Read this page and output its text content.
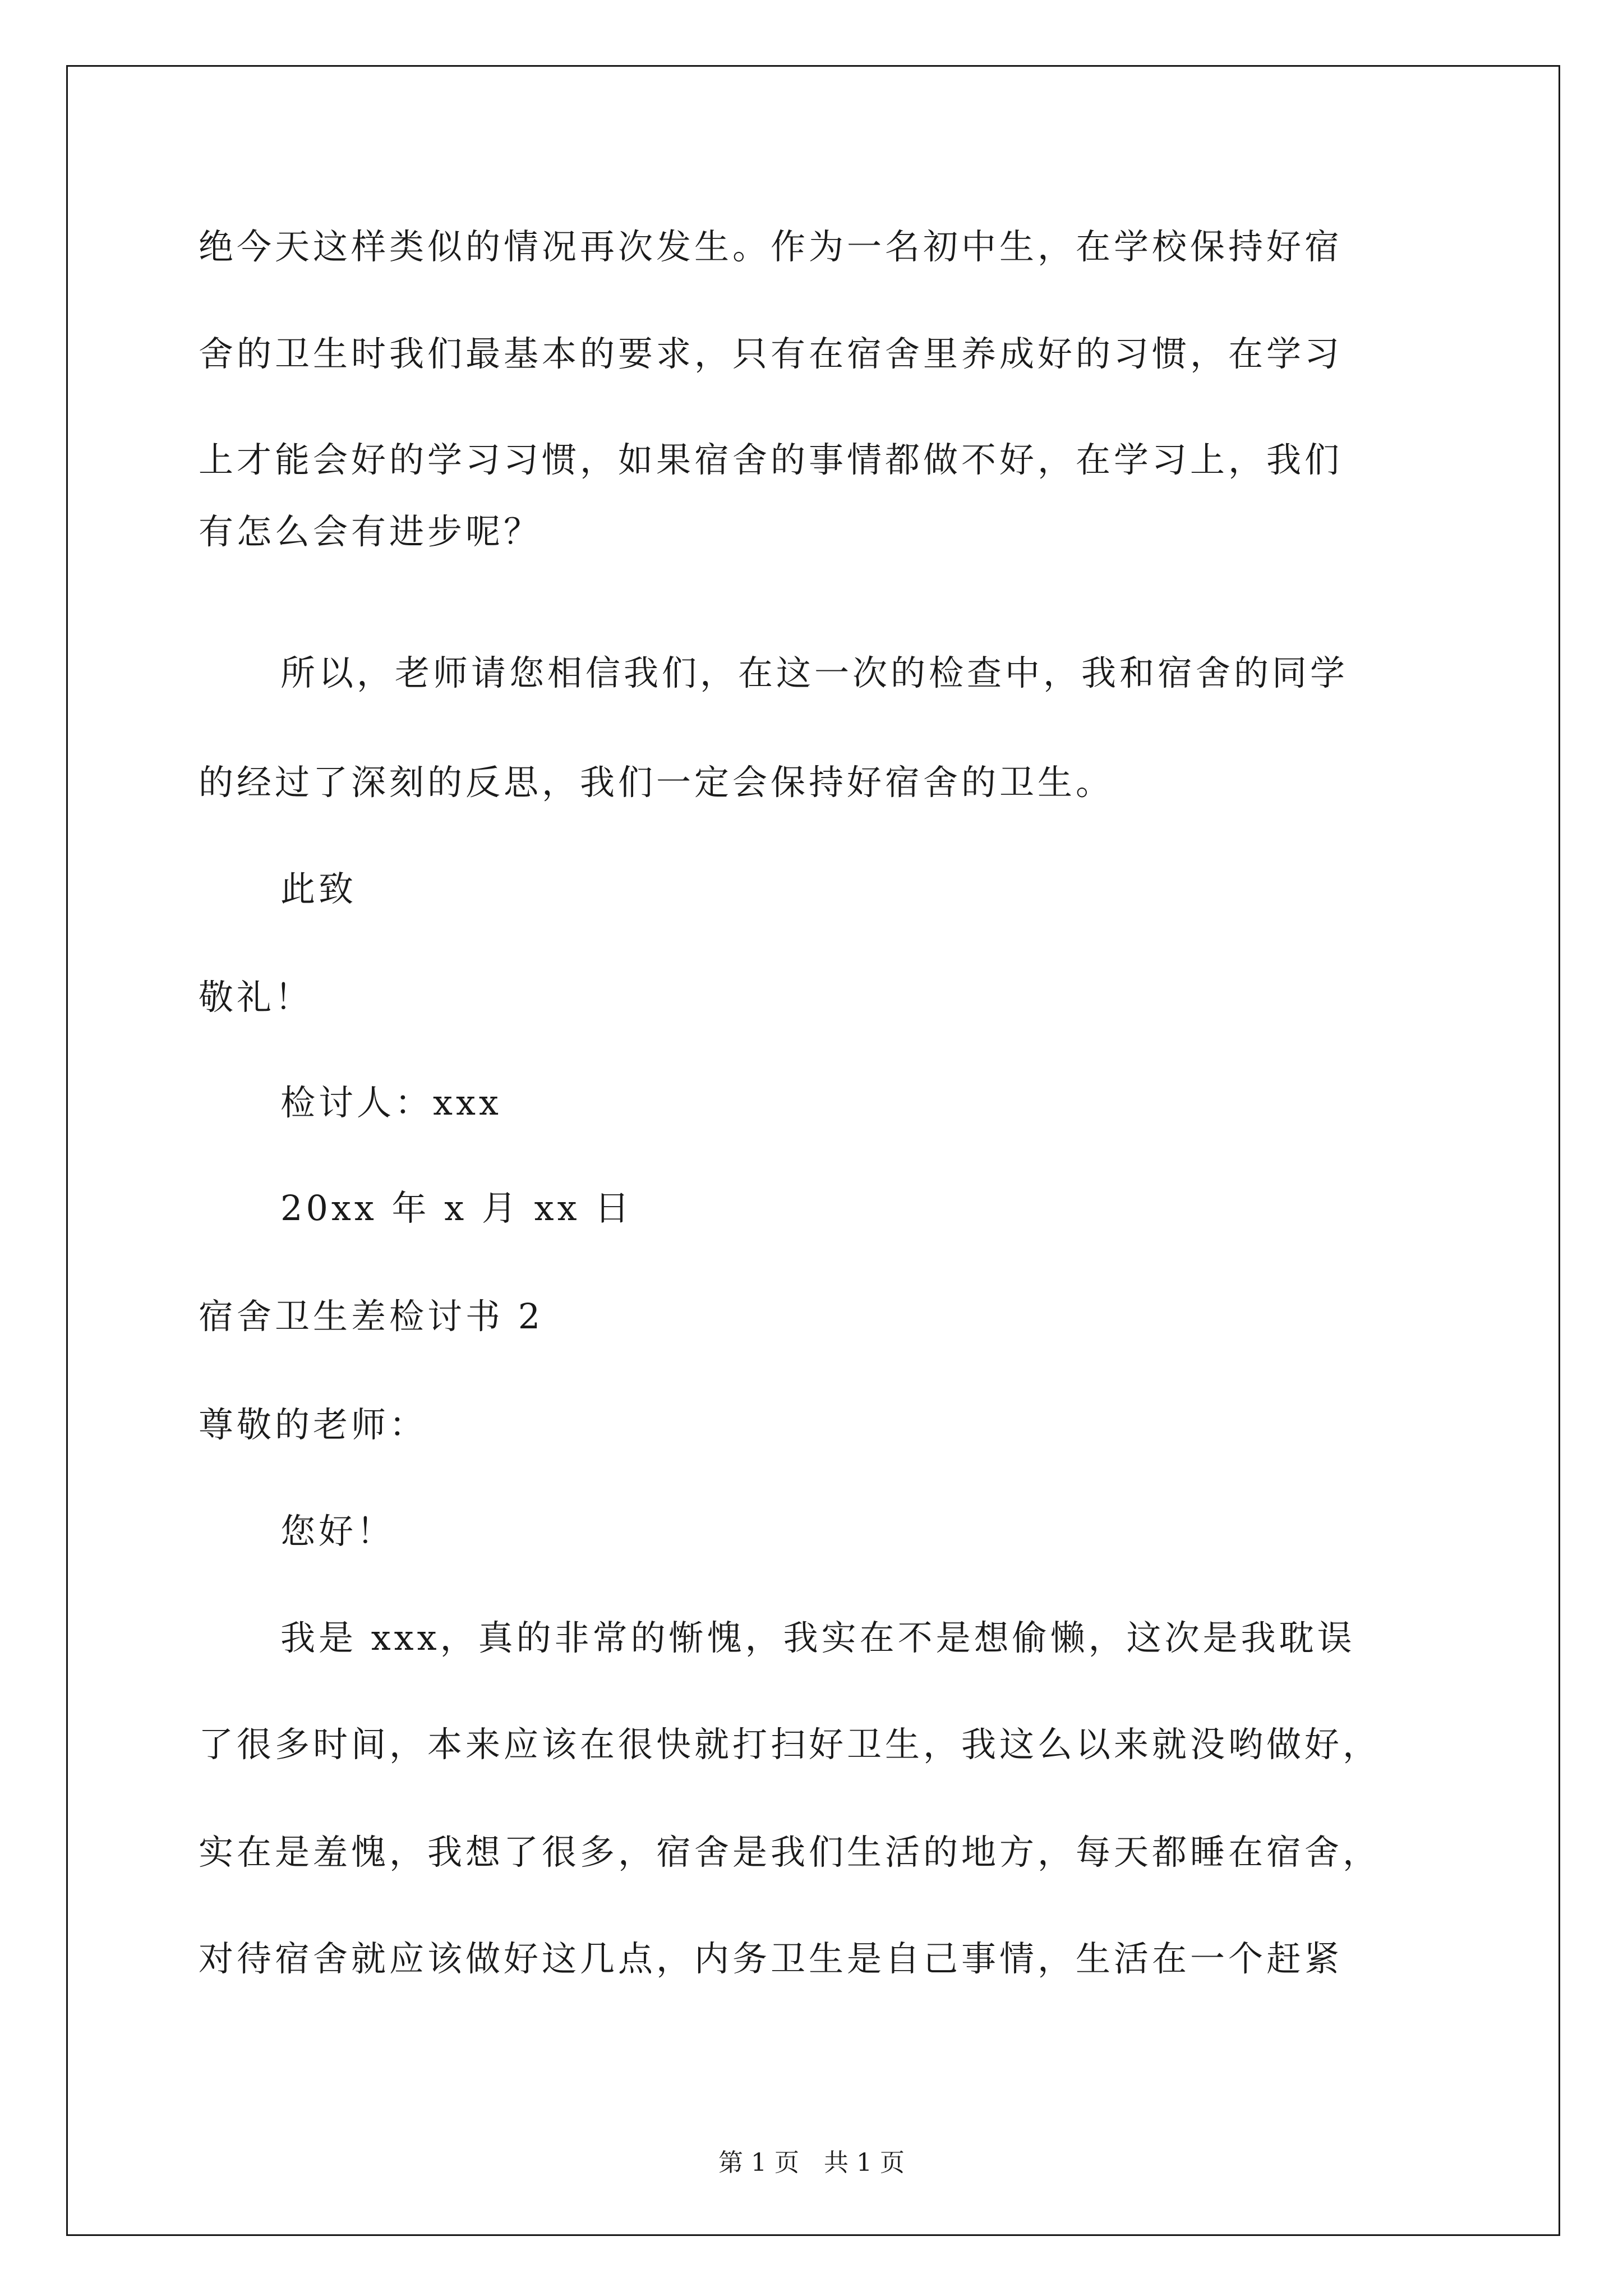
绝今天这样类似的情况再次发生。作为一名初中生，在学校保持好宿
舍的卫生时我们最基本的要求，只有在宿舍里养成好的习惯，在学习
上才能会好的学习习惯，如果宿舍的事情都做不好，在学习上，我们
有怎么会有进步呢？
所以，老师请您相信我们，在这一次的检查中，我和宿舍的同学
的经过了深刻的反思，我们一定会保持好宿舍的卫生。
此致
敬礼！
检讨人：xxx
20xx 年 x 月 xx 日
宿舍卫生差检讨书 2
尊敬的老师：
您好！
我是 xxx，真的非常的惭愧，我实在不是想偷懒，这次是我耽误
了很多时间，本来应该在很快就打扫好卫生，我这么以来就没哟做好，
实在是羞愧，我想了很多，宿舍是我们生活的地方，每天都睡在宿舍，
对待宿舍就应该做好这几点，内务卫生是自己事情，生活在一个赶紧
第 1 页　共 1 页
